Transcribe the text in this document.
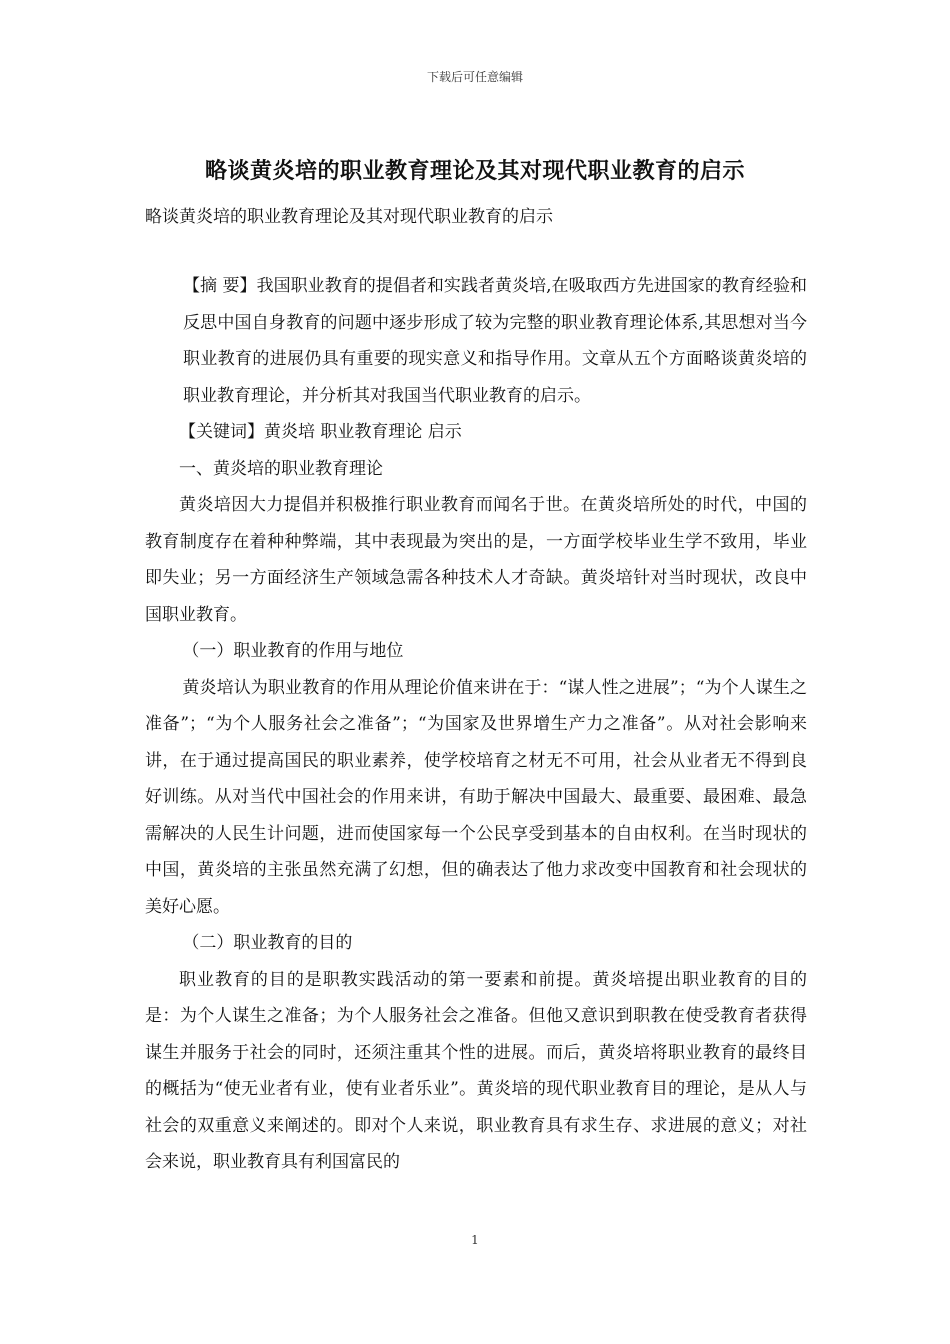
下载后可任意编辑
略谈黄炎培的职业教育理论及其对现代职业教育的启示
略谈黄炎培的职业教育理论及其对现代职业教育的启示

【摘 要】我国职业教育的提倡者和实践者黄炎培,在吸取西方先进国家的教育经验和反思中国自身教育的问题中逐步形成了较为完整的职业教育理论体系,其思想对当今职业教育的进展仍具有重要的现实意义和指导作用。文章从五个方面略谈黄炎培的职业教育理论，并分析其对我国当代职业教育的启示。

【关键词】黄炎培 职业教育理论 启示

一、黄炎培的职业教育理论

黄炎培因大力提倡并积极推行职业教育而闻名于世。在黄炎培所处的时代，中国的教育制度存在着种种弊端，其中表现最为突出的是，一方面学校毕业生学不致用，毕业即失业；另一方面经济生产领域急需各种技术人才奇缺。黄炎培针对当时现状，改良中国职业教育。

（一）职业教育的作用与地位

黄炎培认为职业教育的作用从理论价值来讲在于：“谋人性之进展”；“为个人谋生之准备”；“为个人服务社会之准备”；“为国家及世界增生产力之准备”。从对社会影响来讲，在于通过提高国民的职业素养，使学校培育之材无不可用，社会从业者无不得到良好训练。从对当代中国社会的作用来讲，有助于解决中国最大、最重要、最困难、最急需解决的人民生计问题，进而使国家每一个公民享受到基本的自由权利。在当时现状的中国，黄炎培的主张虽然充满了幻想，但的确表达了他力求改变中国教育和社会现状的美好心愿。

（二）职业教育的目的

职业教育的目的是职教实践活动的第一要素和前提。黄炎培提出职业教育的目的是：为个人谋生之准备；为个人服务社会之准备。但他又意识到职教在使受教育者获得谋生并服务于社会的同时，还须注重其个性的进展。而后，黄炎培将职业教育的最终目的概括为“使无业者有业，使有业者乐业”。黄炎培的现代职业教育目的理论，是从人与社会的双重意义来阐述的。即对个人来说，职业教育具有求生存、求进展的意义；对社会来说，职业教育具有利国富民的

1
